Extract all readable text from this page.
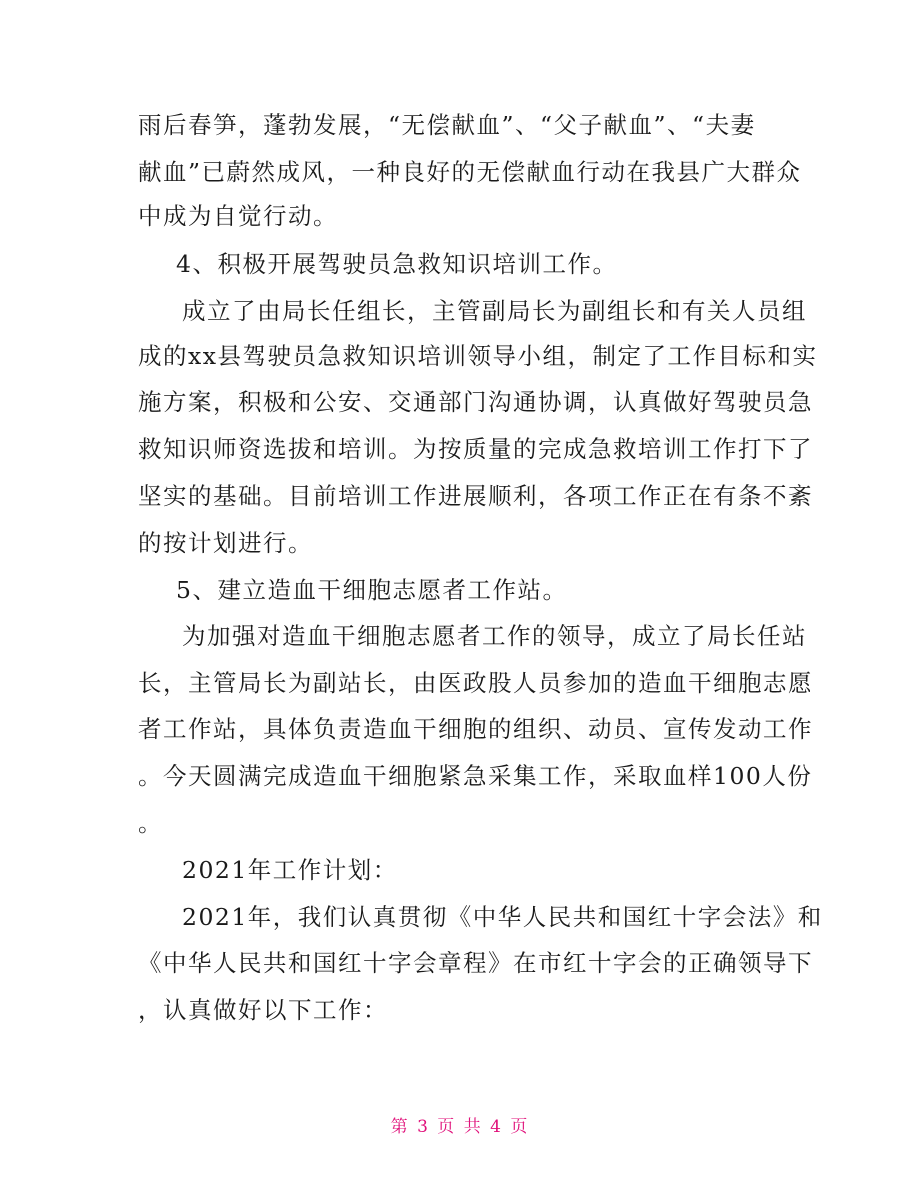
雨后春笋，蓬勃发展，“无偿献血”、“父子献血”、“夫妻
献血”已蔚然成风，一种良好的无偿献血行动在我县广大群众
中成为自觉行动。
4、积极开展驾驶员急救知识培训工作。
成立了由局长任组长，主管副局长为副组长和有关人员组
成的xx县驾驶员急救知识培训领导小组，制定了工作目标和实
施方案，积极和公安、交通部门沟通协调，认真做好驾驶员急
救知识师资选拔和培训。为按质量的完成急救培训工作打下了
坚实的基础。目前培训工作进展顺利，各项工作正在有条不紊
的按计划进行。
5、建立造血干细胞志愿者工作站。
为加强对造血干细胞志愿者工作的领导，成立了局长任站
长，主管局长为副站长，由医政股人员参加的造血干细胞志愿
者工作站，具体负责造血干细胞的组织、动员、宣传发动工作
。今天圆满完成造血干细胞紧急采集工作，采取血样100人份
。
2021年工作计划：
2021年，我们认真贯彻《中华人民共和国红十字会法》和
《中华人民共和国红十字会章程》在市红十字会的正确领导下
，认真做好以下工作：
第 3 页 共 4 页
